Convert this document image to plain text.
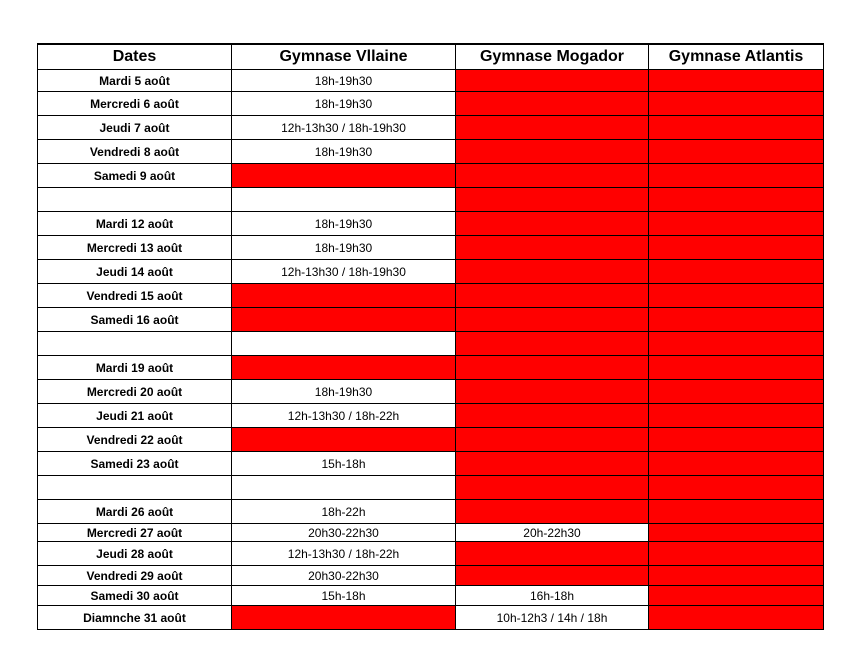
Dates	Gymnase Vllaine	Gymnase Mogador	Gymnase Atlantis
Mardi 5 août	18h-19h30		
Mercredi 6 août	18h-19h30		
Jeudi 7 août	12h-13h30 / 18h-19h30		
Vendredi 8 août	18h-19h30		
Samedi 9 août			

Mardi 12 août	18h-19h30		
Mercredi 13 août	18h-19h30		
Jeudi 14 août	12h-13h30 / 18h-19h30		
Vendredi 15 août			
Samedi 16 août			

Mardi 19 août			
Mercredi 20 août	18h-19h30		
Jeudi 21 août	12h-13h30 / 18h-22h		
Vendredi 22 août			
Samedi 23 août	15h-18h		

Mardi 26 août	18h-22h		
Mercredi 27 août	20h30-22h30	20h-22h30	
Jeudi 28 août	12h-13h30 / 18h-22h		
Vendredi 29 août	20h30-22h30		
Samedi 30 août	15h-18h	16h-18h	
Diamnche 31 août		10h-12h3 / 14h / 18h	
